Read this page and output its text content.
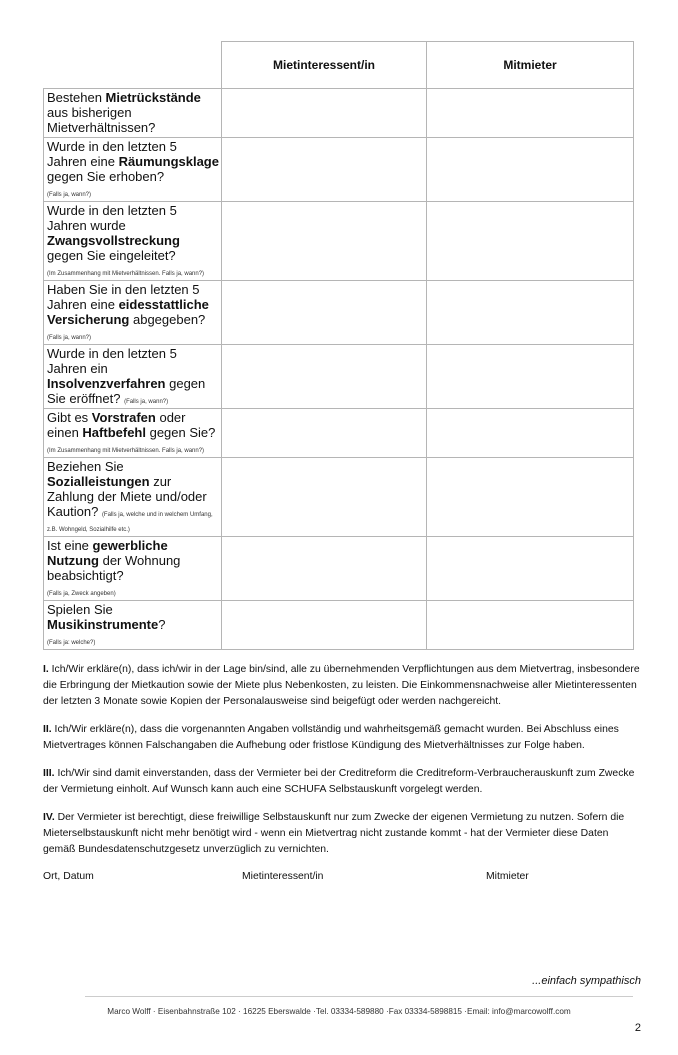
	Mietinteressent/in	Mitmieter
Bestehen Mietrückstände aus bisherigen Mietverhältnissen?		
Wurde in den letzten 5 Jahren eine Räumungsklage gegen Sie erhoben?
(Falls ja, wann?)		
Wurde in den letzten 5 Jahren wurde Zwangsvollstreckung gegen Sie eingeleitet?
(Im Zusammenhang mit Mietverhältnissen. Falls ja, wann?)		
Haben Sie in den letzten 5 Jahren eine eidesstattliche Versicherung abgegeben? (Falls ja, wann?)		
Wurde in den letzten 5 Jahren ein Insolvenzverfahren gegen Sie eröffnet? (Falls ja, wann?)		
Gibt es Vorstrafen oder einen Haftbefehl gegen Sie? (Im Zusammenhang mit Mietverhältnissen. Falls ja, wann?)		
Beziehen Sie Sozialleistungen zur Zahlung der Miete und/oder Kaution? (Falls ja, welche und in welchem Umfang, z.B. Wohngeld, Sozialhilfe etc.)		
Ist eine gewerbliche Nutzung der Wohnung beabsichtigt?
(Falls ja, Zweck angeben)		
Spielen Sie Musikinstrumente?
(Falls ja: welche?)		

I. Ich/Wir erkläre(n), dass ich/wir in der Lage bin/sind, alle zu übernehmenden Verpflichtungen aus dem Mietvertrag, insbesondere die Erbringung der Mietkaution sowie der Miete plus Nebenkosten, zu leisten. Die Einkommensnachweise aller Mietinteressenten der letzten 3 Monate sowie Kopien der Personalausweise sind beigefügt oder werden nachgereicht.

II. Ich/Wir erkläre(n), dass die vorgenannten Angaben vollständig und wahrheitsgemäß gemacht wurden. Bei Abschluss eines Mietvertrages können Falschangaben die Aufhebung oder fristlose Kündigung des Mietverhältnisses zur Folge haben.

III. Ich/Wir sind damit einverstanden, dass der Vermieter bei der Creditreform die Creditreform-Verbraucherauskunft zum Zwecke der Vermietung einholt. Auf Wunsch kann auch eine SCHUFA Selbstauskunft vorgelegt werden.

IV. Der Vermieter ist berechtigt, diese freiwillige Selbstauskunft nur zum Zwecke der eigenen Vermietung zu nutzen. Sofern die Mieterselbstauskunft nicht mehr benötigt wird - wenn ein Mietvertrag nicht zustande kommt - hat der Vermieter diese Daten gemäß Bundesdatenschutzgesetz unverzüglich zu vernichten.

Ort, Datum	Mietinteressent/in	Mitmieter
...einfach sympathisch
Marco Wolff · Eisenbahnstraße 102 · 16225 Eberswalde ·Tel. 03334-589880 ·Fax 03334-5898815 ·Email: info@marcowolff.com
2
